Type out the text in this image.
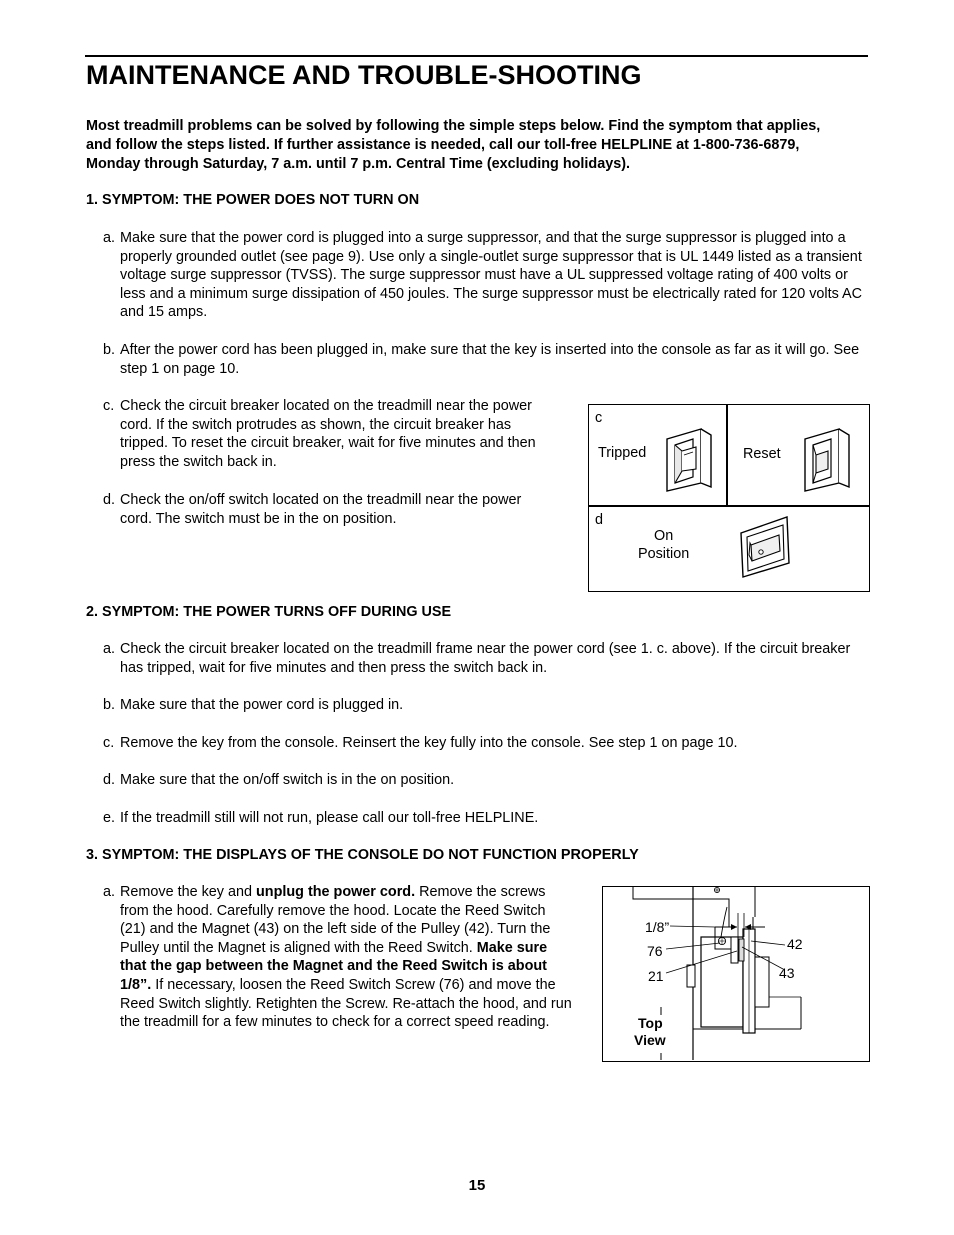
MAINTENANCE AND TROUBLE-SHOOTING

Most treadmill problems can be solved by following the simple steps below. Find the symptom that applies, and follow the steps listed. If further assistance is needed, call our toll-free HELPLINE at 1-800-736-6879, Monday through Saturday, 7 a.m. until 7 p.m. Central Time (excluding holidays).

1. SYMPTOM: THE POWER DOES NOT TURN ON

a. Make sure that the power cord is plugged into a surge suppressor, and that the surge suppressor is plugged into a properly grounded outlet (see page 9). Use only a single-outlet surge suppressor that is UL 1449 listed as a transient voltage surge suppressor (TVSS). The surge suppressor must have a UL suppressed voltage rating of 400 volts or less and a minimum surge dissipation of 450 joules. The surge suppressor must be electrically rated for 120 volts AC and 15 amps.
b. After the power cord has been plugged in, make sure that the key is inserted into the console as far as it will go. See step 1 on page 10.
c. Check the circuit breaker located on the treadmill near the power cord. If the switch protrudes as shown, the circuit breaker has tripped. To reset the circuit breaker, wait for five minutes and then press the switch back in.
d. Check the on/off switch located on the treadmill near the power cord. The switch must be in the on position.
c
Tripped	Reset
d
On
Position

2. SYMPTOM: THE POWER TURNS OFF DURING USE

a. Check the circuit breaker located on the treadmill frame near the power cord (see 1. c. above). If the circuit breaker has tripped, wait for five minutes and then press the switch back in.
b. Make sure that the power cord is plugged in.
c. Remove the key from the console. Reinsert the key fully into the console. See step 1 on page 10.
d. Make sure that the on/off switch is in the on position.
e. If the treadmill still will not run, please call our toll-free HELPLINE.

3. SYMPTOM: THE DISPLAYS OF THE CONSOLE DO NOT FUNCTION PROPERLY

a. Remove the key and unplug the power cord. Remove the screws from the hood. Carefully remove the hood. Locate the Reed Switch (21) and the Magnet (43) on the left side of the Pulley (42). Turn the Pulley until the Magnet is aligned with the Reed Switch. Make sure that the gap between the Magnet and the Reed Switch is about 1/8”. If necessary, loosen the Reed Switch Screw (76) and move the Reed Switch slightly. Retighten the Screw. Re-attach the hood, and run the treadmill for a few minutes to check for a correct speed reading.
1/8”
76
21
42
43
Top
View
15
